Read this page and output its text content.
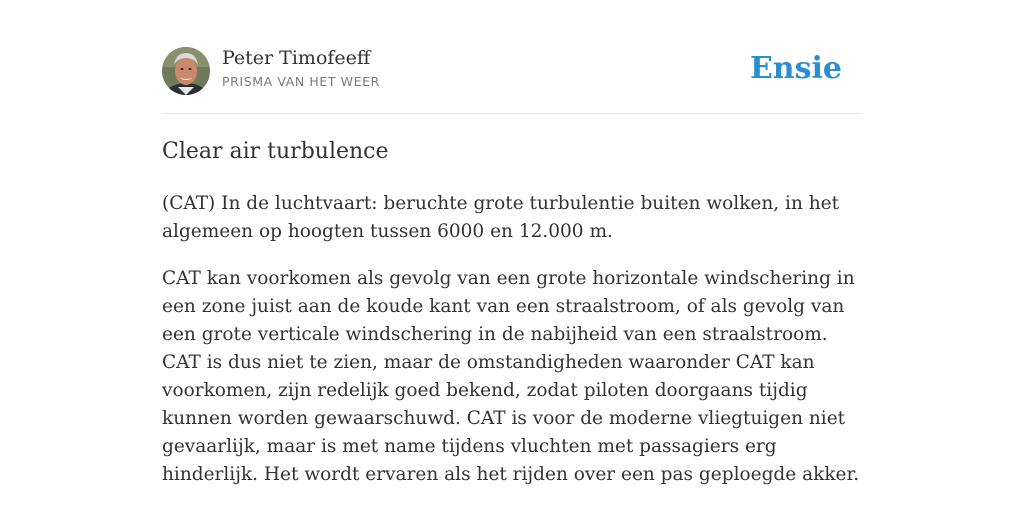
Peter Timofeeff
PRISMA VAN HET WEER	Ensie
Clear air turbulence

(CAT) In de luchtvaart: beruchte grote turbulentie buiten wolken, in het algemeen op hoogten tussen 6000 en 12.000 m.

CAT kan voorkomen als gevolg van een grote horizontale windschering in een zone juist aan de koude kant van een straalstroom, of als gevolg van een grote verticale windschering in de nabijheid van een straalstroom. CAT is dus niet te zien, maar de omstandigheden waaronder CAT kan voorkomen, zijn redelijk goed bekend, zodat piloten doorgaans tijdig kunnen worden gewaarschuwd. CAT is voor de moderne vliegtuigen niet gevaarlijk, maar is met name tijdens vluchten met passagiers erg hinderlijk. Het wordt ervaren als het rijden over een pas geploegde akker.
